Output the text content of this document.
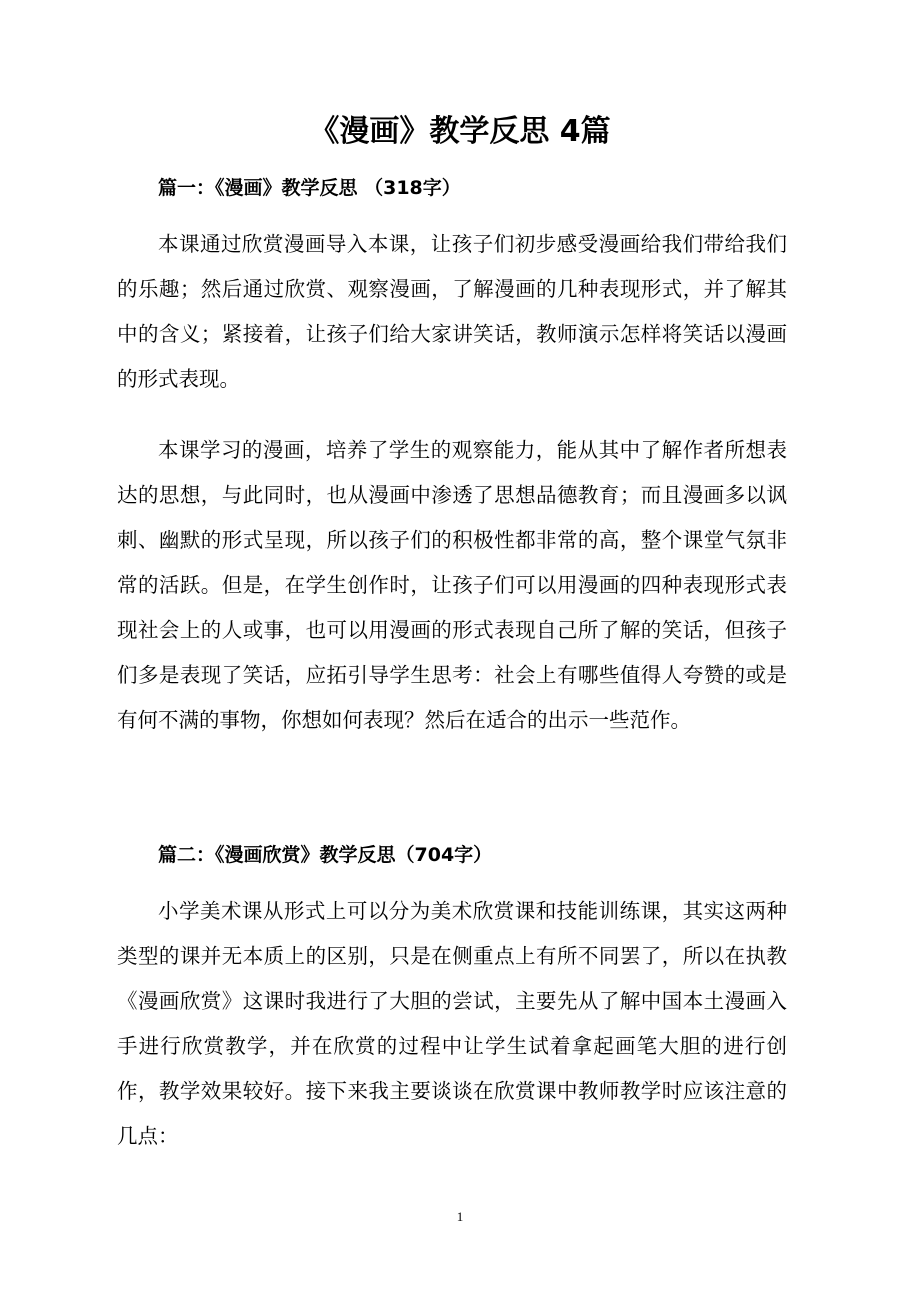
《漫画》教学反思 4篇
篇一：《漫画》教学反思 （318字）

本课通过欣赏漫画导入本课，让孩子们初步感受漫画给我们带给我们的乐趣；然后通过欣赏、观察漫画，了解漫画的几种表现形式，并了解其中的含义；紧接着，让孩子们给大家讲笑话，教师演示怎样将笑话以漫画的形式表现。

本课学习的漫画，培养了学生的观察能力，能从其中了解作者所想表达的思想，与此同时，也从漫画中渗透了思想品德教育；而且漫画多以讽刺、幽默的形式呈现，所以孩子们的积极性都非常的高，整个课堂气氛非常的活跃。但是，在学生创作时，让孩子们可以用漫画的四种表现形式表现社会上的人或事，也可以用漫画的形式表现自己所了解的笑话，但孩子们多是表现了笑话，应拓引导学生思考：社会上有哪些值得人夸赞的或是有何不满的事物，你想如何表现？然后在适合的出示一些范作。

篇二：《漫画欣赏》教学反思（704字）

小学美术课从形式上可以分为美术欣赏课和技能训练课，其实这两种类型的课并无本质上的区别，只是在侧重点上有所不同罢了，所以在执教《漫画欣赏》这课时我进行了大胆的尝试，主要先从了解中国本土漫画入手进行欣赏教学，并在欣赏的过程中让学生试着拿起画笔大胆的进行创作，教学效果较好。接下来我主要谈谈在欣赏课中教师教学时应该注意的几点：

1
